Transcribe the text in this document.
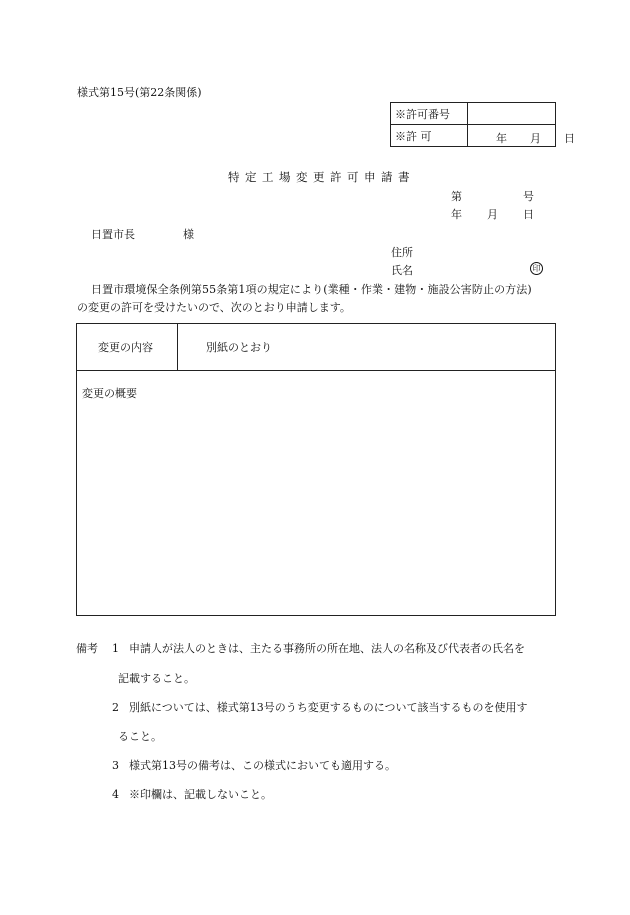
様式第15号(第22条関係)
※許可番号	
※許 可	年 月 日
特定工場変更許可申請書
第	号
年 月 日
日置市長	様
住所
氏名	印
日置市環境保全条例第55条第1項の規定により(業種・作業・建物・施設公害防止の方法)
の変更の許可を受けたいので、次のとおり申請します。
変更の内容	別紙のとおり
変更の概要
備考 1 申請人が法人のときは、主たる事務所の所在地、法人の名称及び代表者の氏名を
記載すること。
2 別紙については、様式第13号のうち変更するものについて該当するものを使用す
ること。
3 様式第13号の備考は、この様式においても適用する。
4 ※印欄は、記載しないこと。
